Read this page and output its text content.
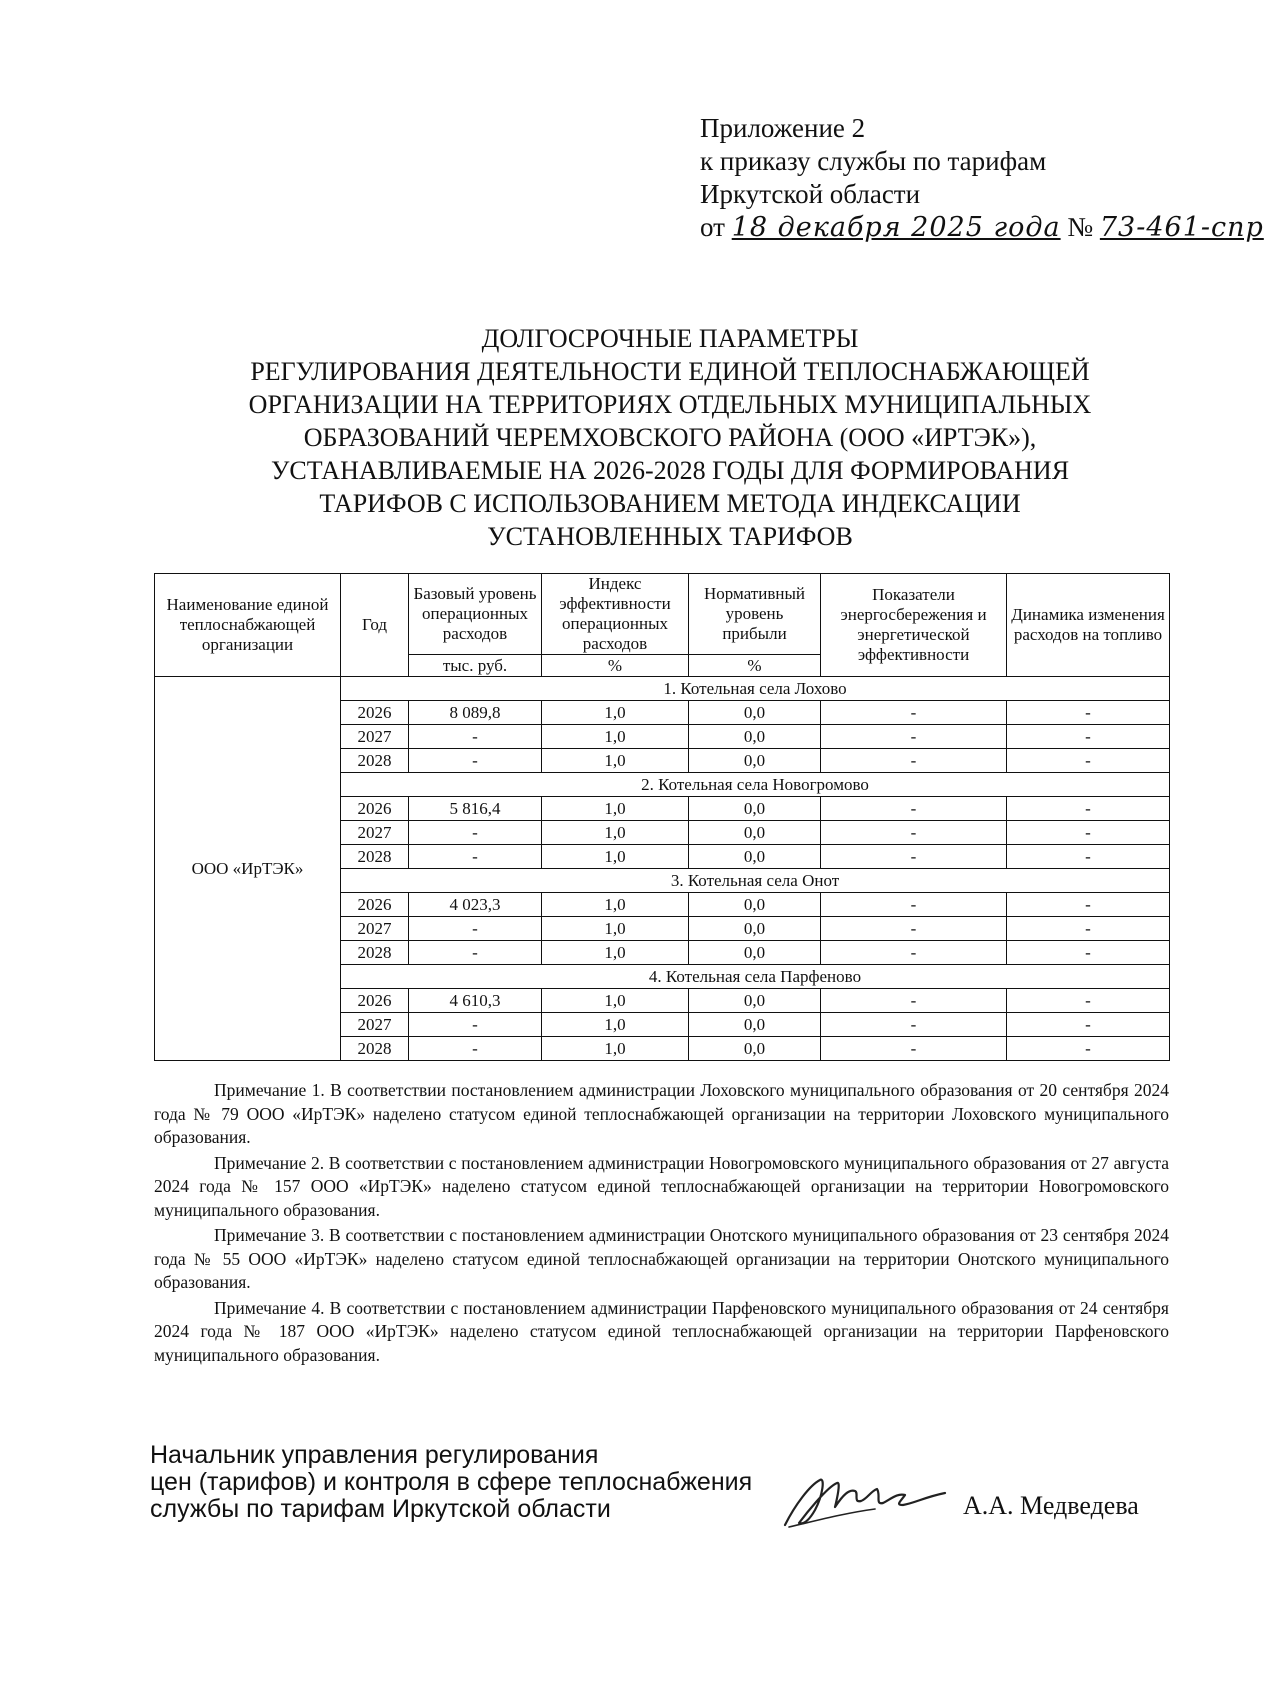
Приложение 2
к приказу службы по тарифам
Иркутской области
от 18 декабря 2025 года № 73-461-спр
ДОЛГОСРОЧНЫЕ ПАРАМЕТРЫ
РЕГУЛИРОВАНИЯ ДЕЯТЕЛЬНОСТИ ЕДИНОЙ ТЕПЛОСНАБЖАЮЩЕЙ
ОРГАНИЗАЦИИ НА ТЕРРИТОРИЯХ ОТДЕЛЬНЫХ МУНИЦИПАЛЬНЫХ
ОБРАЗОВАНИЙ ЧЕРЕМХОВСКОГО РАЙОНА (ООО «ИРТЭК»),
УСТАНАВЛИВАЕМЫЕ НА 2026-2028 ГОДЫ ДЛЯ ФОРМИРОВАНИЯ
ТАРИФОВ С ИСПОЛЬЗОВАНИЕМ МЕТОДА ИНДЕКСАЦИИ
УСТАНОВЛЕННЫХ ТАРИФОВ
Наименование единой теплоснабжающей организации	Год	Базовый уровень операционных расходов	Индекс эффективности операционных расходов	Нормативный уровень прибыли	Показатели энергосбережения и энергетической эффективности	Динамика изменения расходов на топливо
		тыс. руб.	%	%		
ООО «ИрТЭК»	1. Котельная села Лохово					
	2026	8 089,8	1,0	0,0	-	-
	2027	-	1,0	0,0	-	-
	2028	-	1,0	0,0	-	-
	2. Котельная села Новогромово					
	2026	5 816,4	1,0	0,0	-	-
	2027	-	1,0	0,0	-	-
	2028	-	1,0	0,0	-	-
	3. Котельная села Онот					
	2026	4 023,3	1,0	0,0	-	-
	2027	-	1,0	0,0	-	-
	2028	-	1,0	0,0	-	-
	4. Котельная села Парфеново					
	2026	4 610,3	1,0	0,0	-	-
	2027	-	1,0	0,0	-	-
	2028	-	1,0	0,0	-	-

Примечание 1. В соответствии постановлением администрации Лоховского муниципального образования от 20 сентября 2024 года № 79 ООО «ИрТЭК» наделено статусом единой теплоснабжающей организации на территории Лоховского муниципального образования.

Примечание 2. В соответствии с постановлением администрации Новогромовского муниципального образования от 27 августа 2024 года № 157 ООО «ИрТЭК» наделено статусом единой теплоснабжающей организации на территории Новогромовского муниципального образования.

Примечание 3. В соответствии с постановлением администрации Онотского муниципального образования от 23 сентября 2024 года № 55 ООО «ИрТЭК» наделено статусом единой теплоснабжающей организации на территории Онотского муниципального образования.

Примечание 4. В соответствии с постановлением администрации Парфеновского муниципального образования от 24 сентября 2024 года № 187 ООО «ИрТЭК» наделено статусом единой теплоснабжающей организации на территории Парфеновского муниципального образования.

Начальник управления регулирования
цен (тарифов) и контроля в сфере теплоснабжения
службы по тарифам Иркутской области	А.А. Медведева
